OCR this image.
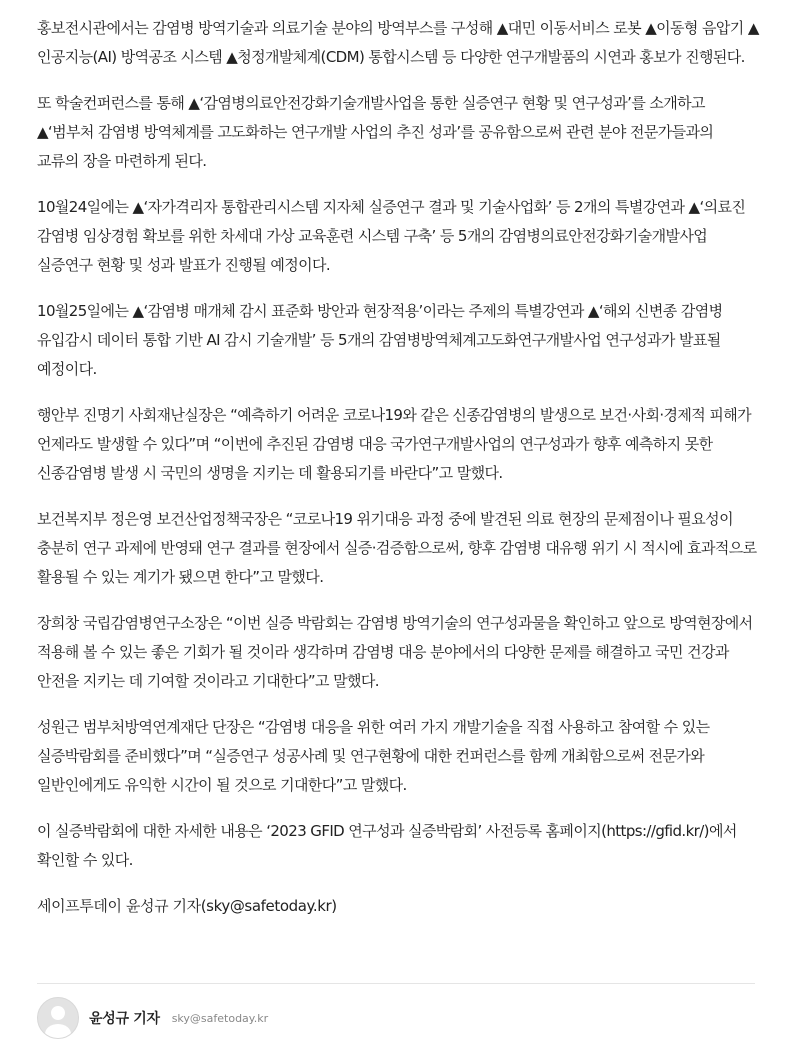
홍보전시관에서는 감염병 방역기술과 의료기술 분야의 방역부스를 구성해 ▲대민 이동서비스 로봇 ▲이동형 음압기 ▲인공지능(AI) 방역공조 시스템 ▲청정개발체계(CDM) 통합시스템 등 다양한 연구개발품의 시연과 홍보가 진행된다.

또 학술컨퍼런스를 통해 ▲‘감염병의료안전강화기술개발사업을 통한 실증연구 현황 및 연구성과’를 소개하고 ▲‘범부처 감염병 방역체계를 고도화하는 연구개발 사업의 추진 성과’를 공유함으로써 관련 분야 전문가들과의 교류의 장을 마련하게 된다.

10월24일에는 ▲‘자가격리자 통합관리시스템 지자체 실증연구 결과 및 기술사업화’ 등 2개의 특별강연과 ▲‘의료진 감염병 임상경험 확보를 위한 차세대 가상 교육훈련 시스템 구축’ 등 5개의 감염병의료안전강화기술개발사업 실증연구 현황 및 성과 발표가 진행될 예정이다.

10월25일에는 ▲‘감염병 매개체 감시 표준화 방안과 현장적용’이라는 주제의 특별강연과 ▲‘해외 신변종 감염병 유입감시 데이터 통합 기반 AI 감시 기술개발’ 등 5개의 감염병방역체계고도화연구개발사업 연구성과가 발표될 예정이다.

행안부 진명기 사회재난실장은 “예측하기 어려운 코로나19와 같은 신종감염병의 발생으로 보건·사회·경제적 피해가 언제라도 발생할 수 있다”며 “이번에 추진된 감염병 대응 국가연구개발사업의 연구성과가 향후 예측하지 못한 신종감염병 발생 시 국민의 생명을 지키는 데 활용되기를 바란다”고 말했다.

보건복지부 정은영 보건산업정책국장은 “코로나19 위기대응 과정 중에 발견된 의료 현장의 문제점이나 필요성이 충분히 연구 과제에 반영돼 연구 결과를 현장에서 실증·검증함으로써, 향후 감염병 대유행 위기 시 적시에 효과적으로 활용될 수 있는 계기가 됐으면 한다”고 말했다.

장희창 국립감염병연구소장은 “이번 실증 박람회는 감염병 방역기술의 연구성과물을 확인하고 앞으로 방역현장에서 적용해 볼 수 있는 좋은 기회가 될 것이라 생각하며 감염병 대응 분야에서의 다양한 문제를 해결하고 국민 건강과 안전을 지키는 데 기여할 것이라고 기대한다”고 말했다.

성원근 범부처방역연계재단 단장은 “감염병 대응을 위한 여러 가지 개발기술을 직접 사용하고 참여할 수 있는 실증박람회를 준비했다”며 “실증연구 성공사례 및 연구현황에 대한 컨퍼런스를 함께 개최함으로써 전문가와 일반인에게도 유익한 시간이 될 것으로 기대한다”고 말했다.

이 실증박람회에 대한 자세한 내용은 ‘2023 GFID 연구성과 실증박람회’ 사전등록 홈페이지(https://gfid.kr/)에서 확인할 수 있다.

세이프투데이 윤성규 기자(sky@safetoday.kr)

윤성규 기자 sky@safetoday.kr
